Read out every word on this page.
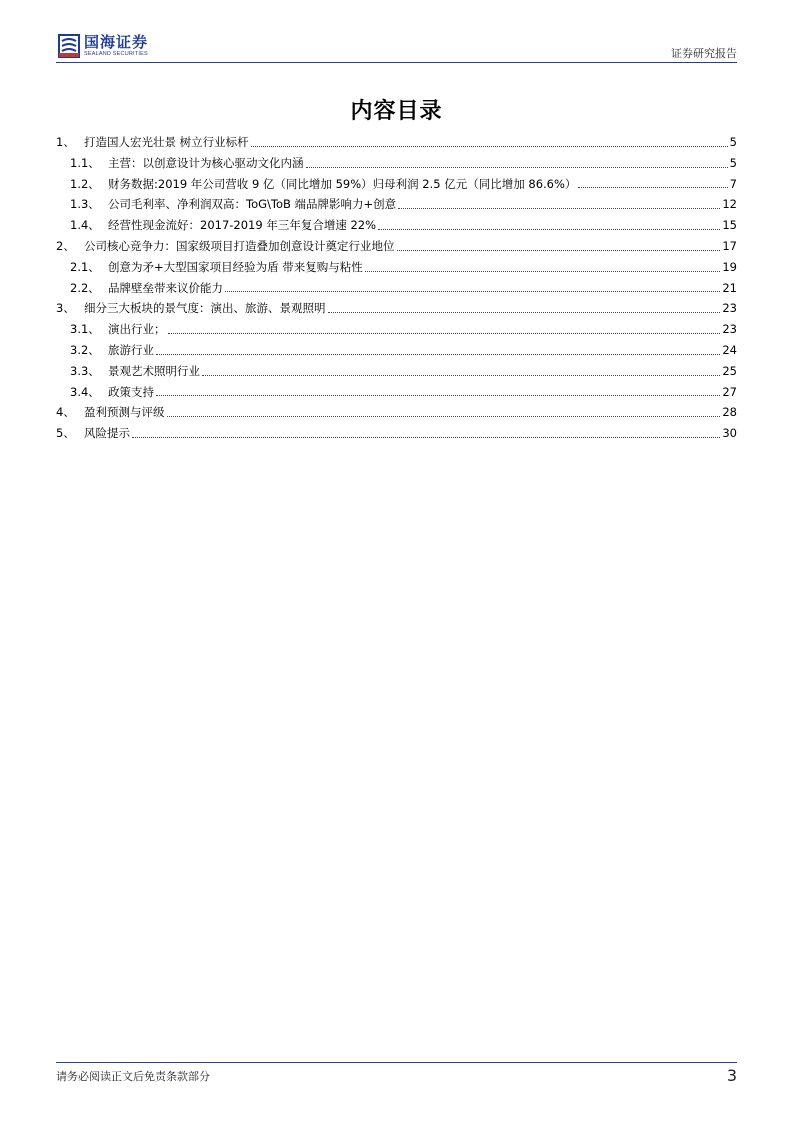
国海证券
SEALAND SECURITIES	证券研究报告
内容目录
1、 打造国人宏光壮景 树立行业标杆	5
1.1、 主营：以创意设计为核心驱动文化内涵	5
1.2、 财务数据:2019 年公司营收 9 亿（同比增加 59%）归母利润 2.5 亿元（同比增加 86.6%）	7
1.3、 公司毛利率、净利润双高：ToG\ToB 端品牌影响力+创意	12
1.4、 经营性现金流好：2017-2019 年三年复合增速 22%	15
2、 公司核心竞争力：国家级项目打造叠加创意设计奠定行业地位	17
2.1、 创意为矛+大型国家项目经验为盾 带来复购与粘性	19
2.2、 品牌壁垒带来议价能力	21
3、 细分三大板块的景气度：演出、旅游、景观照明	23
3.1、 演出行业；	23
3.2、 旅游行业	24
3.3、 景观艺术照明行业	25
3.4、 政策支持	27
4、 盈利预测与评级	28
5、 风险提示	30
请务必阅读正文后免责条款部分	3
